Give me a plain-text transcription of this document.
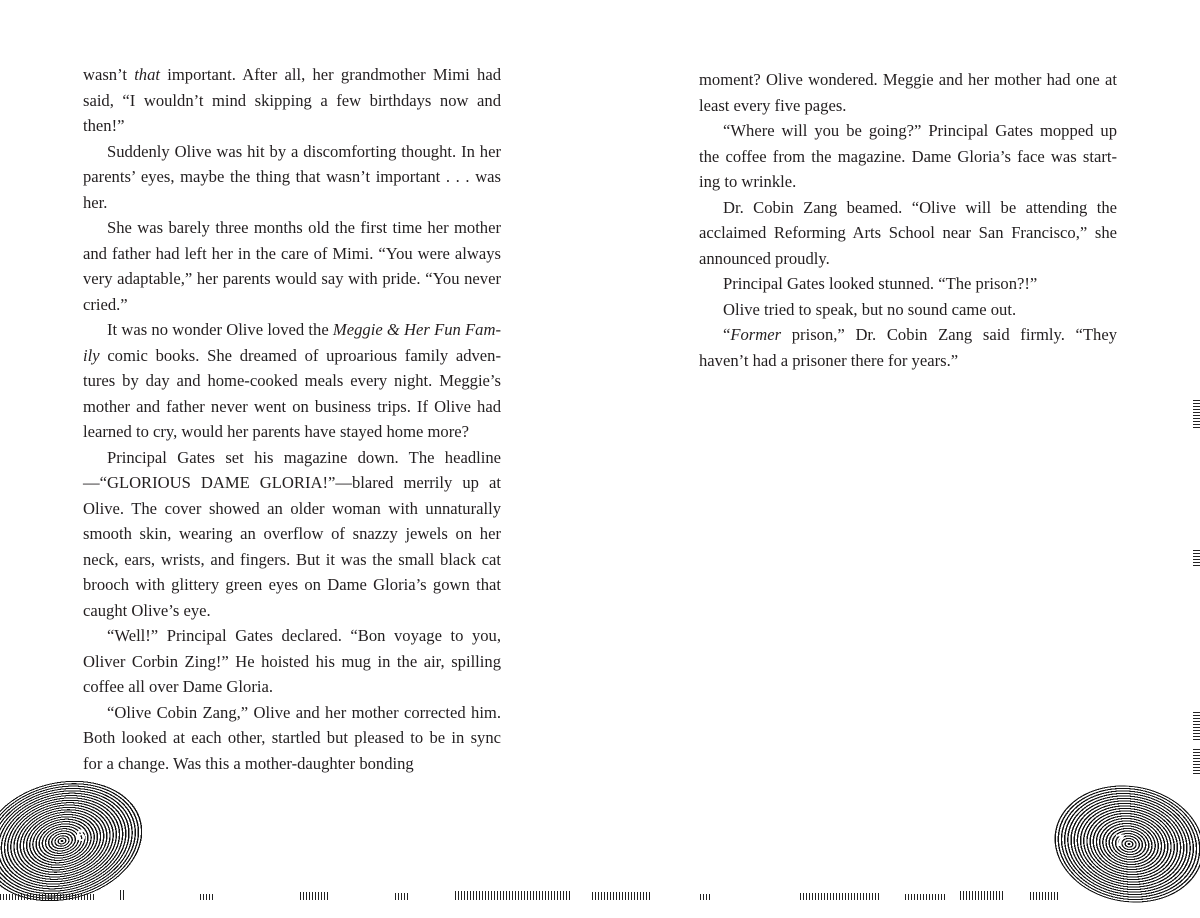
wasn’t that important. After all, her grandmother Mimi had said, “I wouldn’t mind skipping a few birthdays now and then!”

Suddenly Olive was hit by a discomforting thought. In her parents’ eyes, maybe the thing that wasn’t important . . . was her.

She was barely three months old the first time her mother and father had left her in the care of Mimi. “You were always very adaptable,” her parents would say with pride. “You never cried.”

It was no wonder Olive loved the Meggie & Her Fun Fam-ily comic books. She dreamed of uproarious family adven-tures by day and home-cooked meals every night. Meggie’s mother and father never went on business trips. If Olive had learned to cry, would her parents have stayed home more?

Principal Gates set his magazine down. The headline—“GLORIOUS DAME GLORIA!”—blared merrily up at Olive. The cover showed an older woman with unnaturally smooth skin, wearing an overflow of snazzy jewels on her neck, ears, wrists, and fingers. But it was the small black cat brooch with glittery green eyes on Dame Gloria’s gown that caught Olive’s eye.

“Well!” Principal Gates declared. “Bon voyage to you, Oliver Corbin Zing!” He hoisted his mug in the air, spilling coffee all over Dame Gloria.

“Olive Cobin Zang,” Olive and her mother corrected him. Both looked at each other, startled but pleased to be in sync for a change. Was this a mother-daughter bonding

moment? Olive wondered. Meggie and her mother had one at least every five pages.

“Where will you be going?” Principal Gates mopped up the coffee from the magazine. Dame Gloria’s face was start-ing to wrinkle.

Dr. Cobin Zang beamed. “Olive will be attending the acclaimed Reforming Arts School near San Francisco,” she announced proudly.

Principal Gates looked stunned. “The prison?!”

Olive tried to speak, but no sound came out.

“Former prison,” Dr. Cobin Zang said firmly. “They haven’t had a prisoner there for years.”

6	7
